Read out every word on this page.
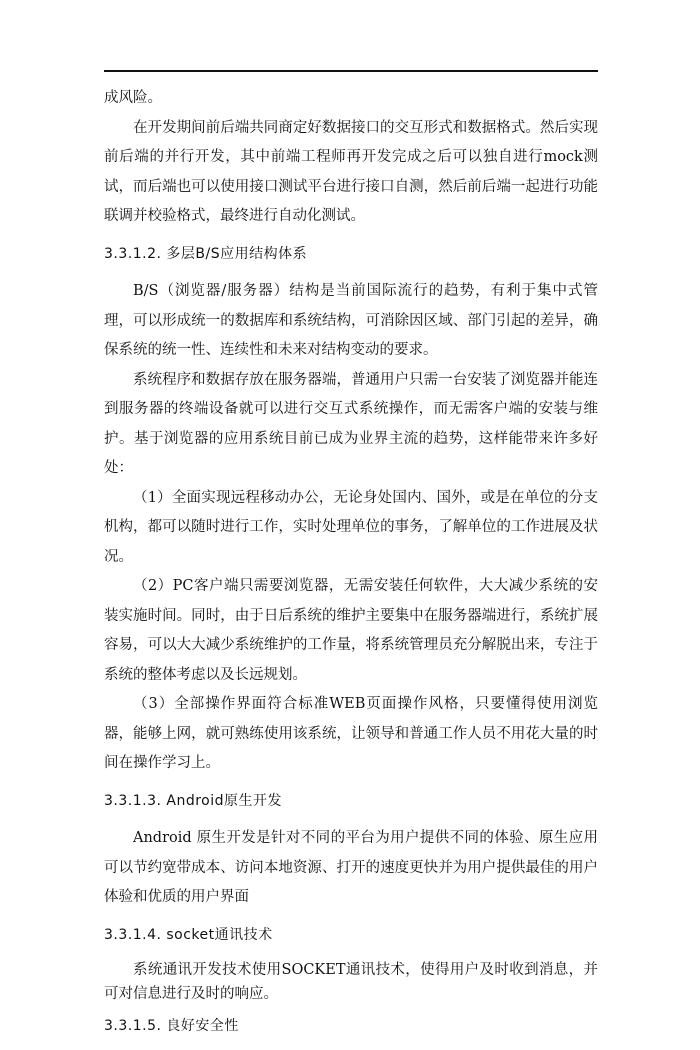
成风险。

在开发期间前后端共同商定好数据接口的交互形式和数据格式。然后实现前后端的并行开发，其中前端工程师再开发完成之后可以独自进行mock测试，而后端也可以使用接口测试平台进行接口自测，然后前后端一起进行功能联调并校验格式，最终进行自动化测试。

3.3.1.2. 多层B/S应用结构体系

B/S（浏览器/服务器）结构是当前国际流行的趋势，有利于集中式管理，可以形成统一的数据库和系统结构，可消除因区域、部门引起的差异，确保系统的统一性、连续性和未来对结构变动的要求。

系统程序和数据存放在服务器端，普通用户只需一台安装了浏览器并能连到服务器的终端设备就可以进行交互式系统操作，而无需客户端的安装与维护。基于浏览器的应用系统目前已成为业界主流的趋势，这样能带来许多好处：

（1）全面实现远程移动办公，无论身处国内、国外，或是在单位的分支机构，都可以随时进行工作，实时处理单位的事务，了解单位的工作进展及状况。

（2）PC客户端只需要浏览器，无需安装任何软件，大大减少系统的安装实施时间。同时，由于日后系统的维护主要集中在服务器端进行，系统扩展容易，可以大大减少系统维护的工作量，将系统管理员充分解脱出来，专注于系统的整体考虑以及长远规划。

（3）全部操作界面符合标准WEB页面操作风格，只要懂得使用浏览器，能够上网，就可熟练使用该系统，让领导和普通工作人员不用花大量的时间在操作学习上。

3.3.1.3. Android原生开发

Android 原生开发是针对不同的平台为用户提供不同的体验、原生应用可以节约宽带成本、访问本地资源、打开的速度更快并为用户提供最佳的用户体验和优质的用户界面

3.3.1.4. socket通讯技术

系统通讯开发技术使用SOCKET通讯技术，使得用户及时收到消息，并可对信息进行及时的响应。

3.3.1.5. 良好安全性
